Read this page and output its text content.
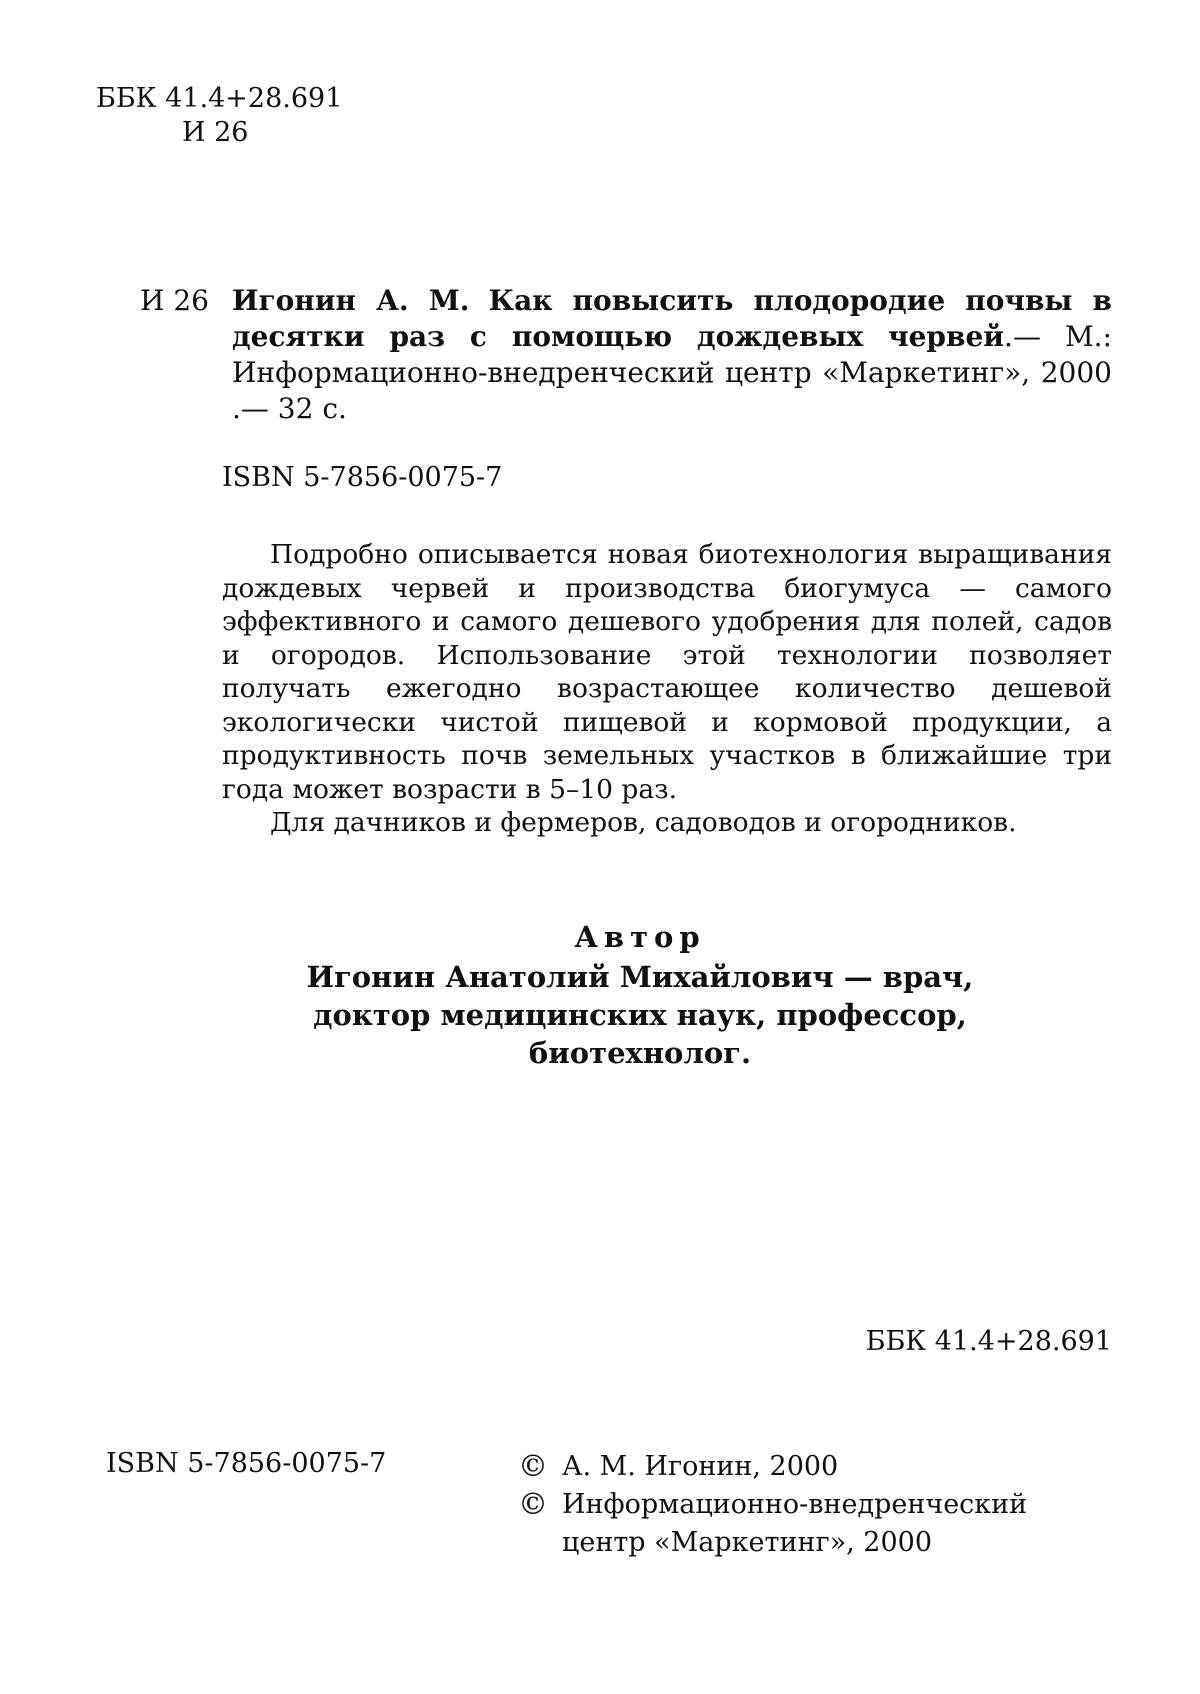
ББК 41.4+28.691
И 26
И 26 Игонин А. М. Как повысить плодородие почвы в десятки раз с помощью дождевых червей.— М.: Информационно-внедренческий центр «Маркетинг», 2000 .— 32 с.
ISBN 5-7856-0075-7

Подробно описывается новая биотехнология выращивания дождевых червей и производства биогумуса — самого эффективного и самого дешевого удобрения для полей, садов и огородов. Использование этой технологии позволяет получать ежегодно возрастающее количество дешевой экологически чистой пищевой и кормовой продукции, а продуктивность почв земельных участков в ближайшие три года может возрасти в 5–10 раз.

Для дачников и фермеров, садоводов и огородников.

Автор
Игонин Анатолий Михайлович — врач,
доктор медицинских наук, профессор,
биотехнолог.
ББК 41.4+28.691
ISBN 5-7856-0075-7	© А. М. Игонин, 2000
© Информационно-внедренческий центр «Маркетинг», 2000
